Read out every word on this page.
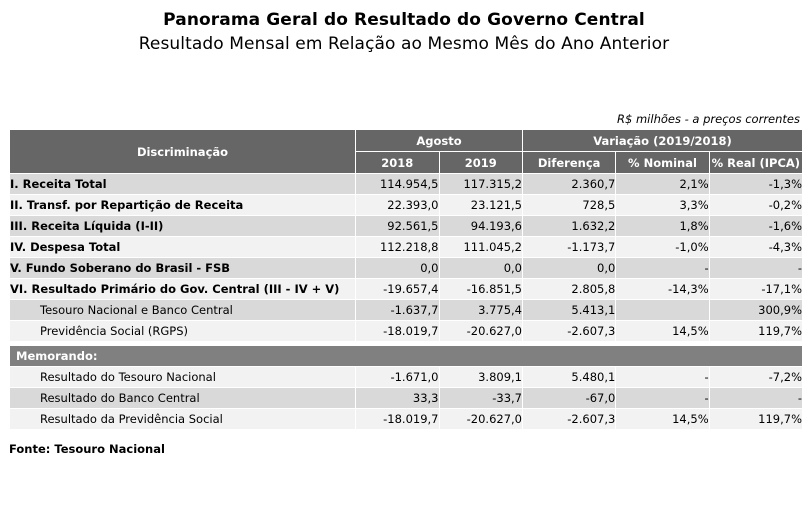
Panorama Geral do Resultado do Governo Central
Resultado Mensal em Relação ao Mesmo Mês do Ano Anterior
R$ milhões - a preços correntes
Discriminação	Agosto		Variação (2019/2018)		
	2018	2019	Diferença	% Nominal	% Real (IPCA)
I. Receita Total	114.954,5	117.315,2	2.360,7	2,1%	-1,3%
II. Transf. por Repartição de Receita	22.393,0	23.121,5	728,5	3,3%	-0,2%
III. Receita Líquida (I-II)	92.561,5	94.193,6	1.632,2	1,8%	-1,6%
IV. Despesa Total	112.218,8	111.045,2	-1.173,7	-1,0%	-4,3%
V. Fundo Soberano do Brasil - FSB	0,0	0,0	0,0	-	-
VI. Resultado Primário do Gov. Central (III - IV + V)	-19.657,4	-16.851,5	2.805,8	-14,3%	-17,1%
Tesouro Nacional e Banco Central	-1.637,7	3.775,4	5.413,1		300,9%
Previdência Social (RGPS)	-18.019,7	-20.627,0	-2.607,3	14,5%	119,7%

Memorando:					
Resultado do Tesouro Nacional	-1.671,0	3.809,1	5.480,1	-	-7,2%
Resultado do Banco Central	33,3	-33,7	-67,0	-	-
Resultado da Previdência Social	-18.019,7	-20.627,0	-2.607,3	14,5%	119,7%
Fonte: Tesouro Nacional
